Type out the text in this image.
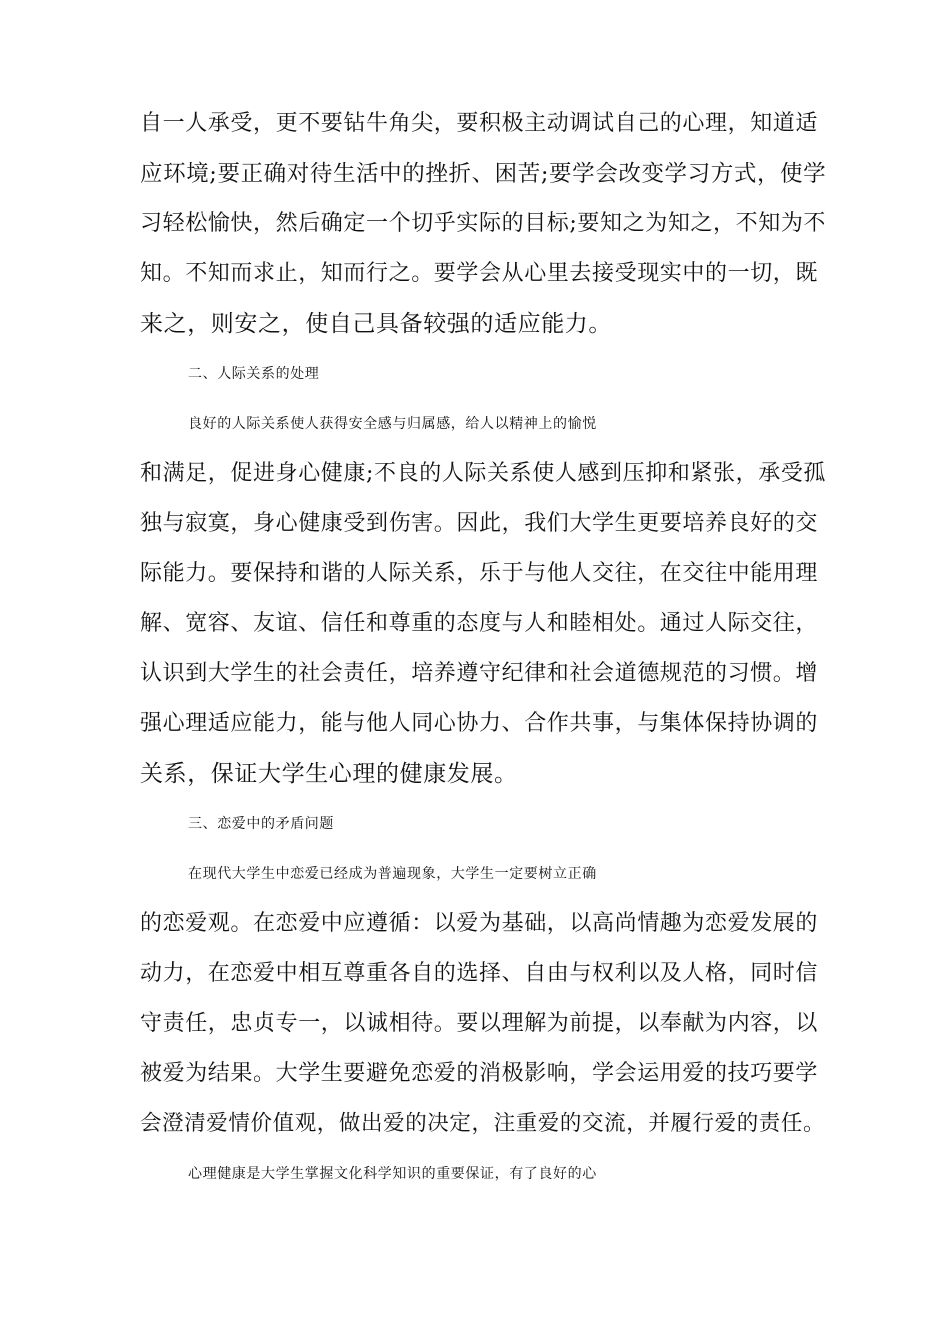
自一人承受，更不要钻牛角尖，要积极主动调试自己的心理，知道适
应环境;要正确对待生活中的挫折、困苦;要学会改变学习方式，使学
习轻松愉快，然后确定一个切乎实际的目标;要知之为知之，不知为不
知。不知而求止，知而行之。要学会从心里去接受现实中的一切，既
来之，则安之，使自己具备较强的适应能力。
二、人际关系的处理
良好的人际关系使人获得安全感与归属感，给人以精神上的愉悦
和满足，促进身心健康;不良的人际关系使人感到压抑和紧张，承受孤
独与寂寞，身心健康受到伤害。因此，我们大学生更要培养良好的交
际能力。要保持和谐的人际关系，乐于与他人交往，在交往中能用理
解、宽容、友谊、信任和尊重的态度与人和睦相处。通过人际交往，
认识到大学生的社会责任，培养遵守纪律和社会道德规范的习惯。增
强心理适应能力，能与他人同心协力、合作共事，与集体保持协调的
关系，保证大学生心理的健康发展。
三、恋爱中的矛盾问题
在现代大学生中恋爱已经成为普遍现象，大学生一定要树立正确
的恋爱观。在恋爱中应遵循：以爱为基础，以高尚情趣为恋爱发展的
动力，在恋爱中相互尊重各自的选择、自由与权利以及人格，同时信
守责任，忠贞专一，以诚相待。要以理解为前提，以奉献为内容，以
被爱为结果。大学生要避免恋爱的消极影响，学会运用爱的技巧要学
会澄清爱情价值观，做出爱的决定，注重爱的交流，并履行爱的责任。
心理健康是大学生掌握文化科学知识的重要保证，有了良好的心
